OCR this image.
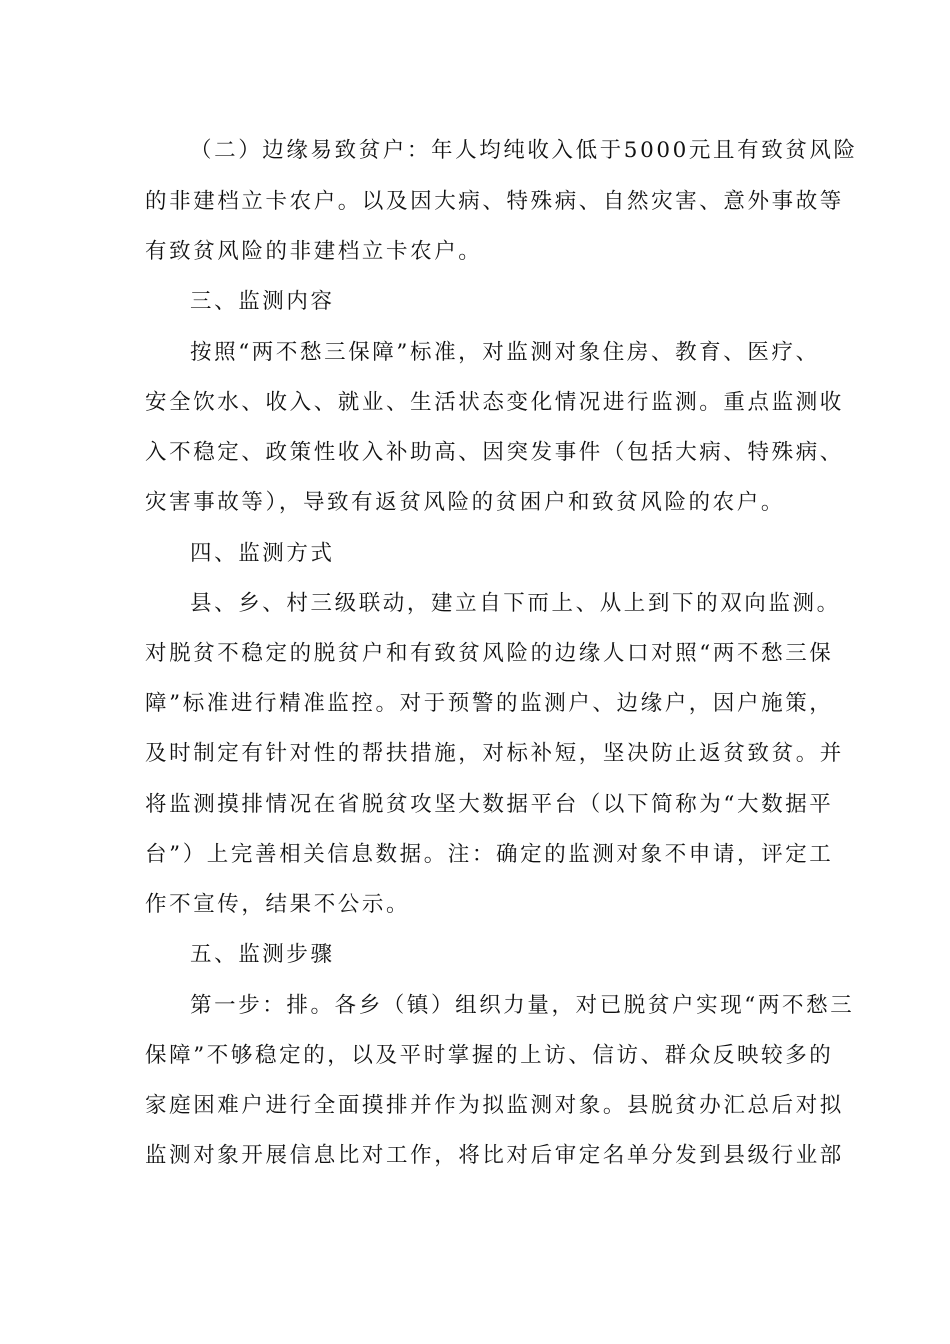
（二）边缘易致贫户：年人均纯收入低于5000元且有致贫风险
的非建档立卡农户。以及因大病、特殊病、自然灾害、意外事故等
有致贫风险的非建档立卡农户。
三、监测内容
按照“两不愁三保障”标准，对监测对象住房、教育、医疗、
安全饮水、收入、就业、生活状态变化情况进行监测。重点监测收
入不稳定、政策性收入补助高、因突发事件（包括大病、特殊病、
灾害事故等），导致有返贫风险的贫困户和致贫风险的农户。
四、监测方式
县、乡、村三级联动，建立自下而上、从上到下的双向监测。
对脱贫不稳定的脱贫户和有致贫风险的边缘人口对照“两不愁三保
障”标准进行精准监控。对于预警的监测户、边缘户，因户施策，
及时制定有针对性的帮扶措施，对标补短，坚决防止返贫致贫。并
将监测摸排情况在省脱贫攻坚大数据平台（以下简称为“大数据平
台”）上完善相关信息数据。注：确定的监测对象不申请，评定工
作不宣传，结果不公示。
五、监测步骤
第一步：排。各乡（镇）组织力量，对已脱贫户实现“两不愁三
保障”不够稳定的，以及平时掌握的上访、信访、群众反映较多的
家庭困难户进行全面摸排并作为拟监测对象。县脱贫办汇总后对拟
监测对象开展信息比对工作，将比对后审定名单分发到县级行业部
